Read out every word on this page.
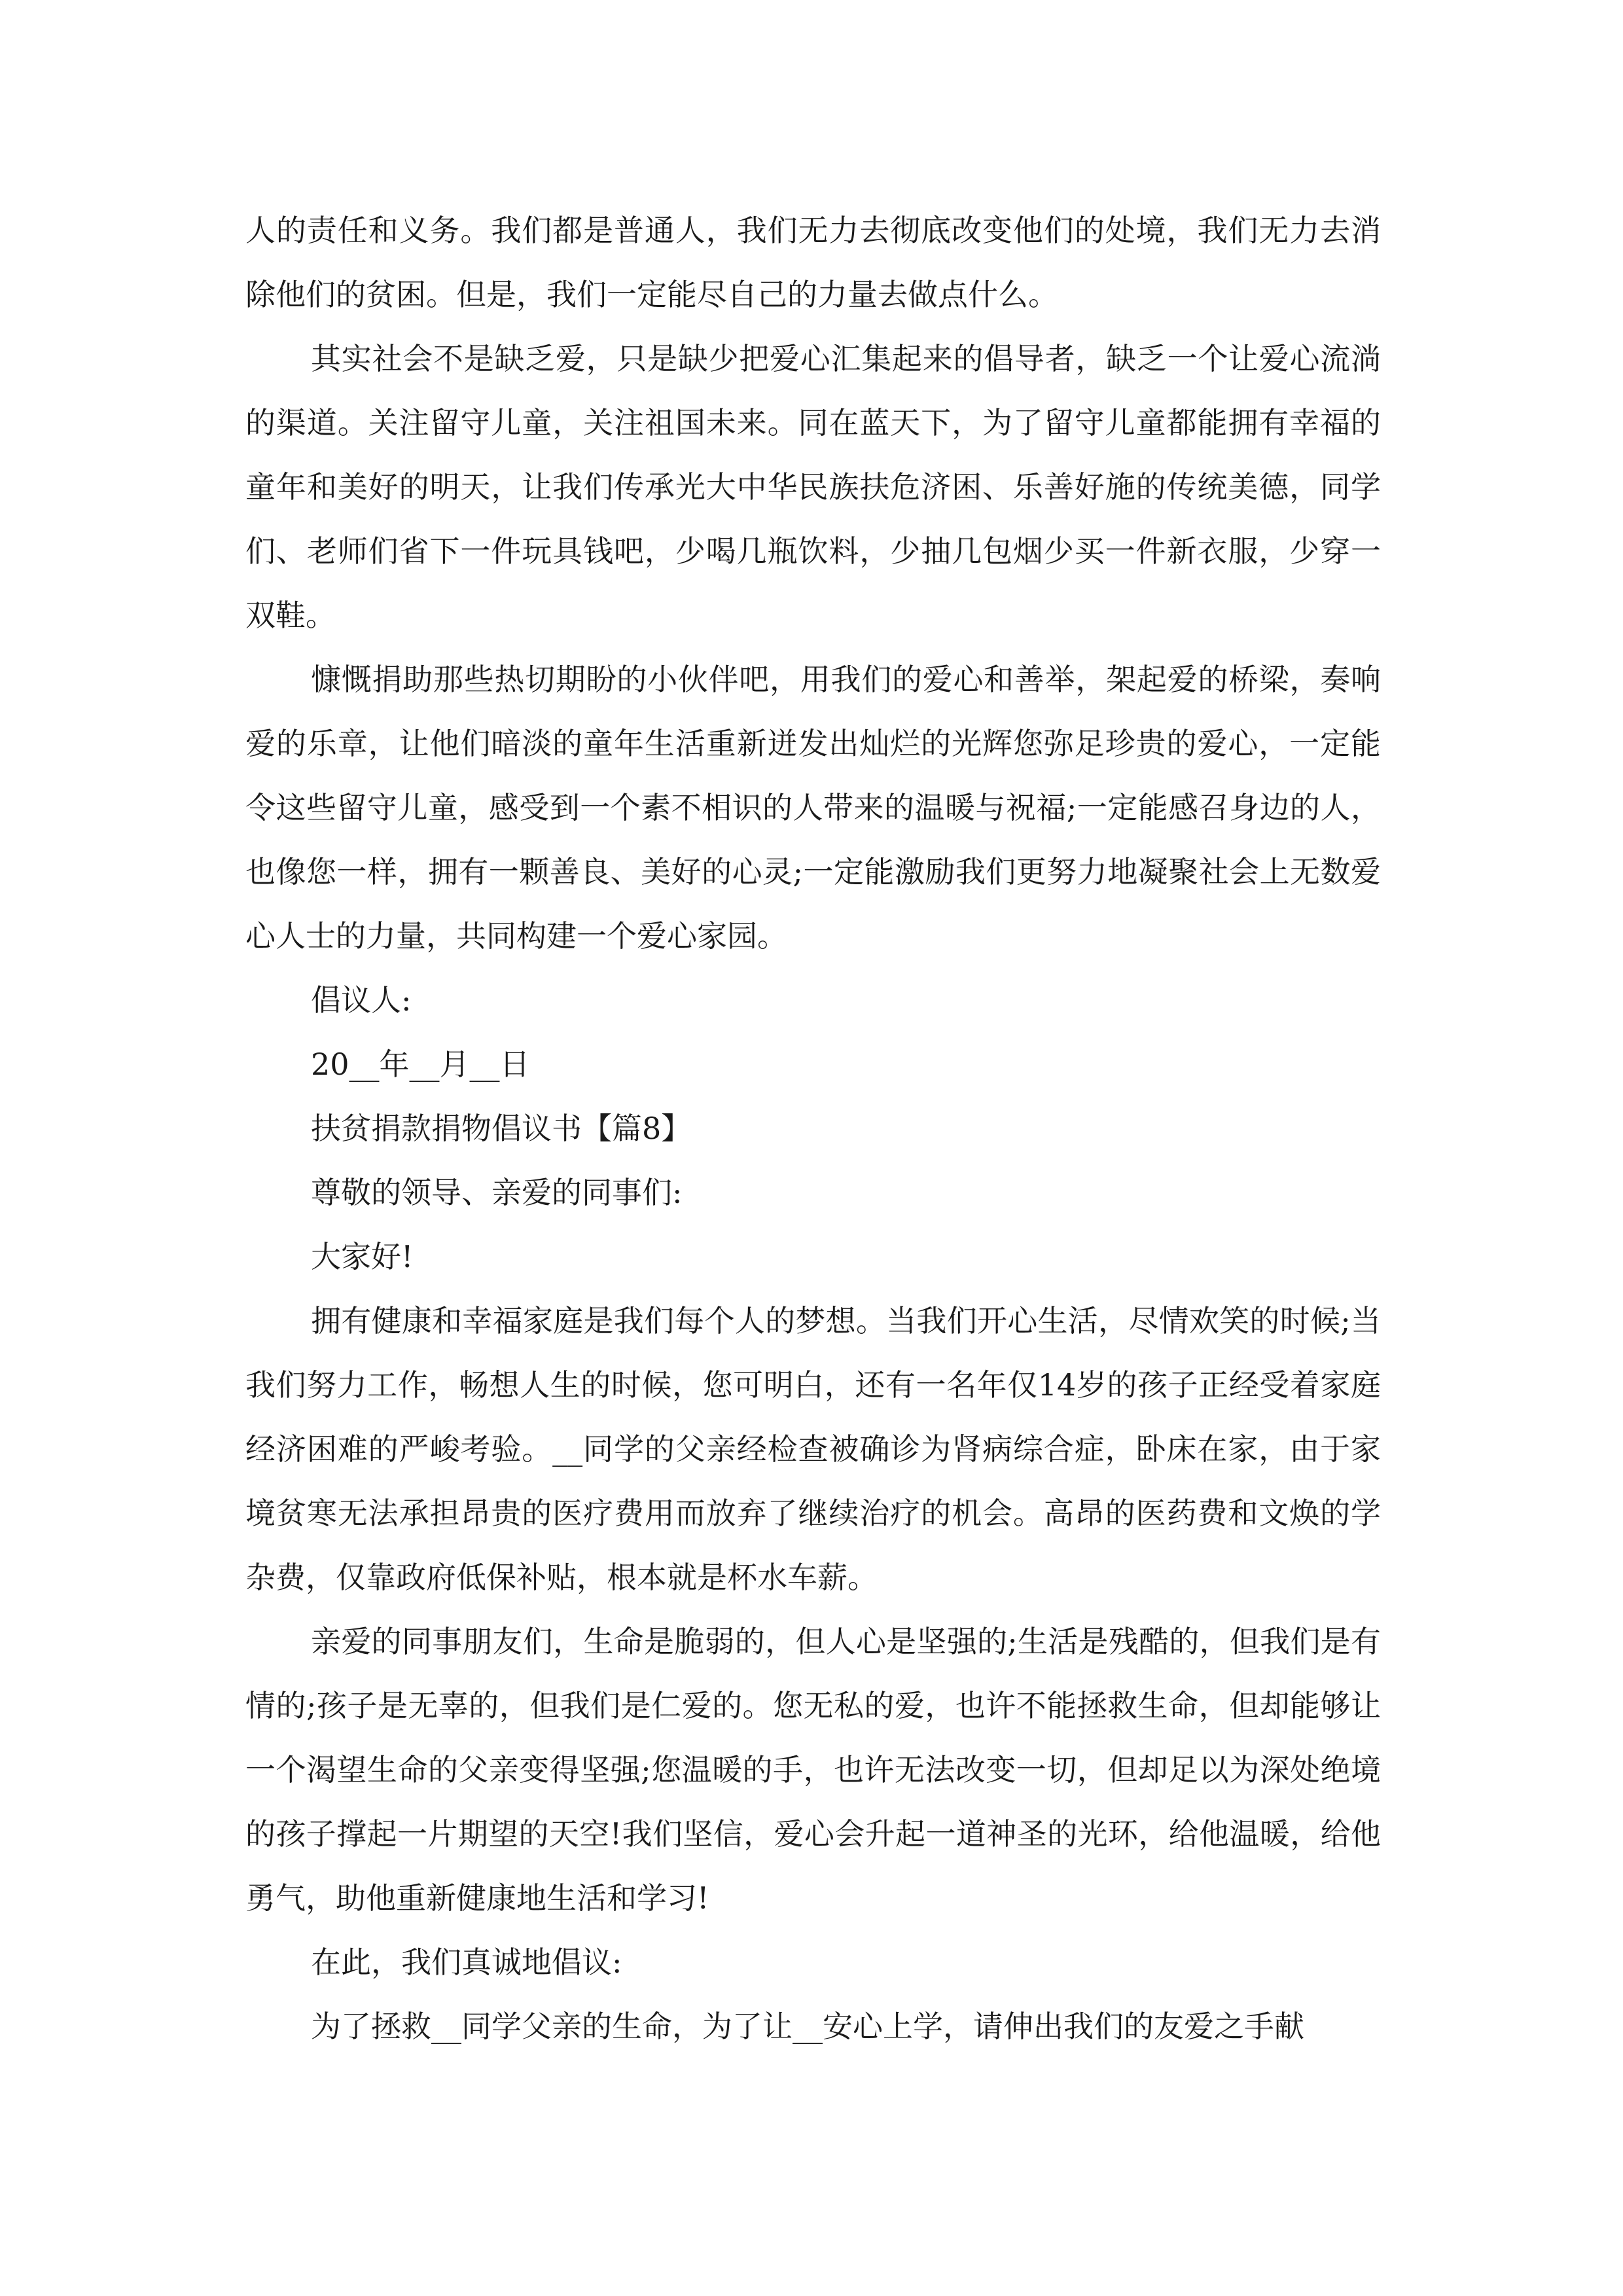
人的责任和义务。我们都是普通人，我们无力去彻底改变他们的处境，我们无力去消除他们的贫困。但是，我们一定能尽自己的力量去做点什么。

其实社会不是缺乏爱，只是缺少把爱心汇集起来的倡导者，缺乏一个让爱心流淌的渠道。关注留守儿童，关注祖国未来。同在蓝天下，为了留守儿童都能拥有幸福的童年和美好的明天，让我们传承光大中华民族扶危济困、乐善好施的传统美德，同学们、老师们省下一件玩具钱吧，少喝几瓶饮料，少抽几包烟少买一件新衣服，少穿一双鞋。

慷慨捐助那些热切期盼的小伙伴吧，用我们的爱心和善举，架起爱的桥梁，奏响爱的乐章，让他们暗淡的童年生活重新迸发出灿烂的光辉您弥足珍贵的爱心，一定能令这些留守儿童，感受到一个素不相识的人带来的温暖与祝福;一定能感召身边的人，也像您一样，拥有一颗善良、美好的心灵;一定能激励我们更努力地凝聚社会上无数爱心人士的力量，共同构建一个爱心家园。

倡议人:

20__年__月__日

扶贫捐款捐物倡议书【篇8】

尊敬的领导、亲爱的同事们:

大家好!

拥有健康和幸福家庭是我们每个人的梦想。当我们开心生活，尽情欢笑的时候;当我们努力工作，畅想人生的时候，您可明白，还有一名年仅14岁的孩子正经受着家庭经济困难的严峻考验。__同学的父亲经检查被确诊为肾病综合症，卧床在家，由于家境贫寒无法承担昂贵的医疗费用而放弃了继续治疗的机会。高昂的医药费和文焕的学杂费，仅靠政府低保补贴，根本就是杯水车薪。

亲爱的同事朋友们，生命是脆弱的，但人心是坚强的;生活是残酷的，但我们是有情的;孩子是无辜的，但我们是仁爱的。您无私的爱，也许不能拯救生命，但却能够让一个渴望生命的父亲变得坚强;您温暖的手，也许无法改变一切，但却足以为深处绝境的孩子撑起一片期望的天空!我们坚信，爱心会升起一道神圣的光环，给他温暖，给他勇气，助他重新健康地生活和学习!

在此，我们真诚地倡议:

为了拯救__同学父亲的生命，为了让__安心上学，请伸出我们的友爱之手献
